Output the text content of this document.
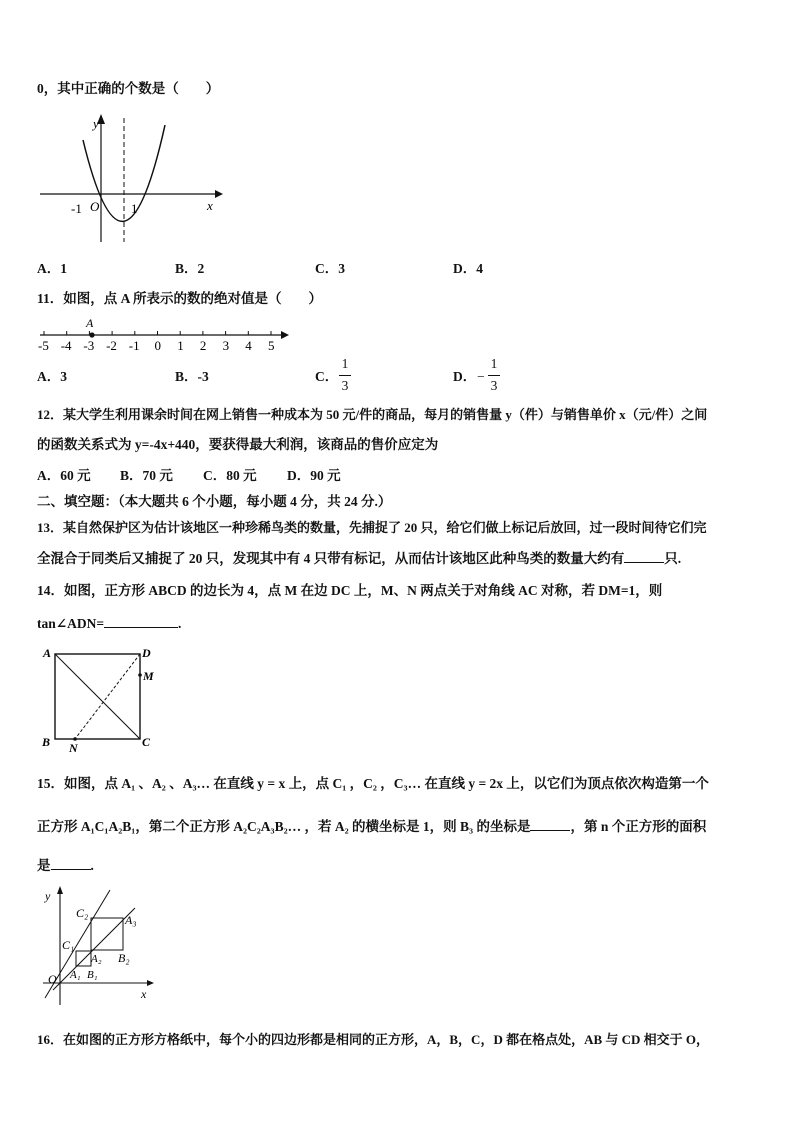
0，其中正确的个数是（　　）
y
x
O
-1	1
A．1	B．2	C．3	D．4
11．如图，点 A 所表示的数的绝对值是（　　）
-5 -4 -3 -2 -1 0 1 2 3 4 5
A
A．3	B．-3	C．
1
3
D． −
1
3
12．某大学生利用课余时间在网上销售一种成本为 50 元/件的商品，每月的销售量 y（件）与销售单价 x（元/件）之间
的函数关系式为 y=-4x+440，要获得最大利润，该商品的售价应定为
A．60 元 B．70 元 C．80 元 D．90 元
二、填空题：（本大题共 6 个小题，每小题 4 分，共 24 分.）
13．某自然保护区为估计该地区一种珍稀鸟类的数量，先捕捉了 20 只，给它们做上标记后放回，过一段时间待它们完
全混合于同类后又捕捉了 20 只，发现其中有 4 只带有标记，从而估计该地区此种鸟类的数量大约有	只.
14．如图，正方形 ABCD 的边长为 4，点 M 在边 DC 上，M、N 两点关于对角线 AC 对称，若 DM=1，则
tan∠ADN=	.
A	D
M
B N	C
15．如图，点 A₁ 、A₂ 、A₃… 在直线 y = x 上，点 C₁ ，C₂ ，C₃… 在直线 y = 2x 上，以它们为顶点依次构造第一个
正方形 A₁C₁A₂B₁，第二个正方形 A₂C₂A₃B₂… ，若 A₂ 的横坐标是 1，则 B₃ 的坐标是	，第 n 个正方形的面积
是	.
y
x
O
C₂	A₃
C₁
A₂ B₂
A₁ B₁
16．在如图的正方形方格纸中，每个小的四边形都是相同的正方形，A，B，C，D 都在格点处，AB 与 CD 相交于 O，
